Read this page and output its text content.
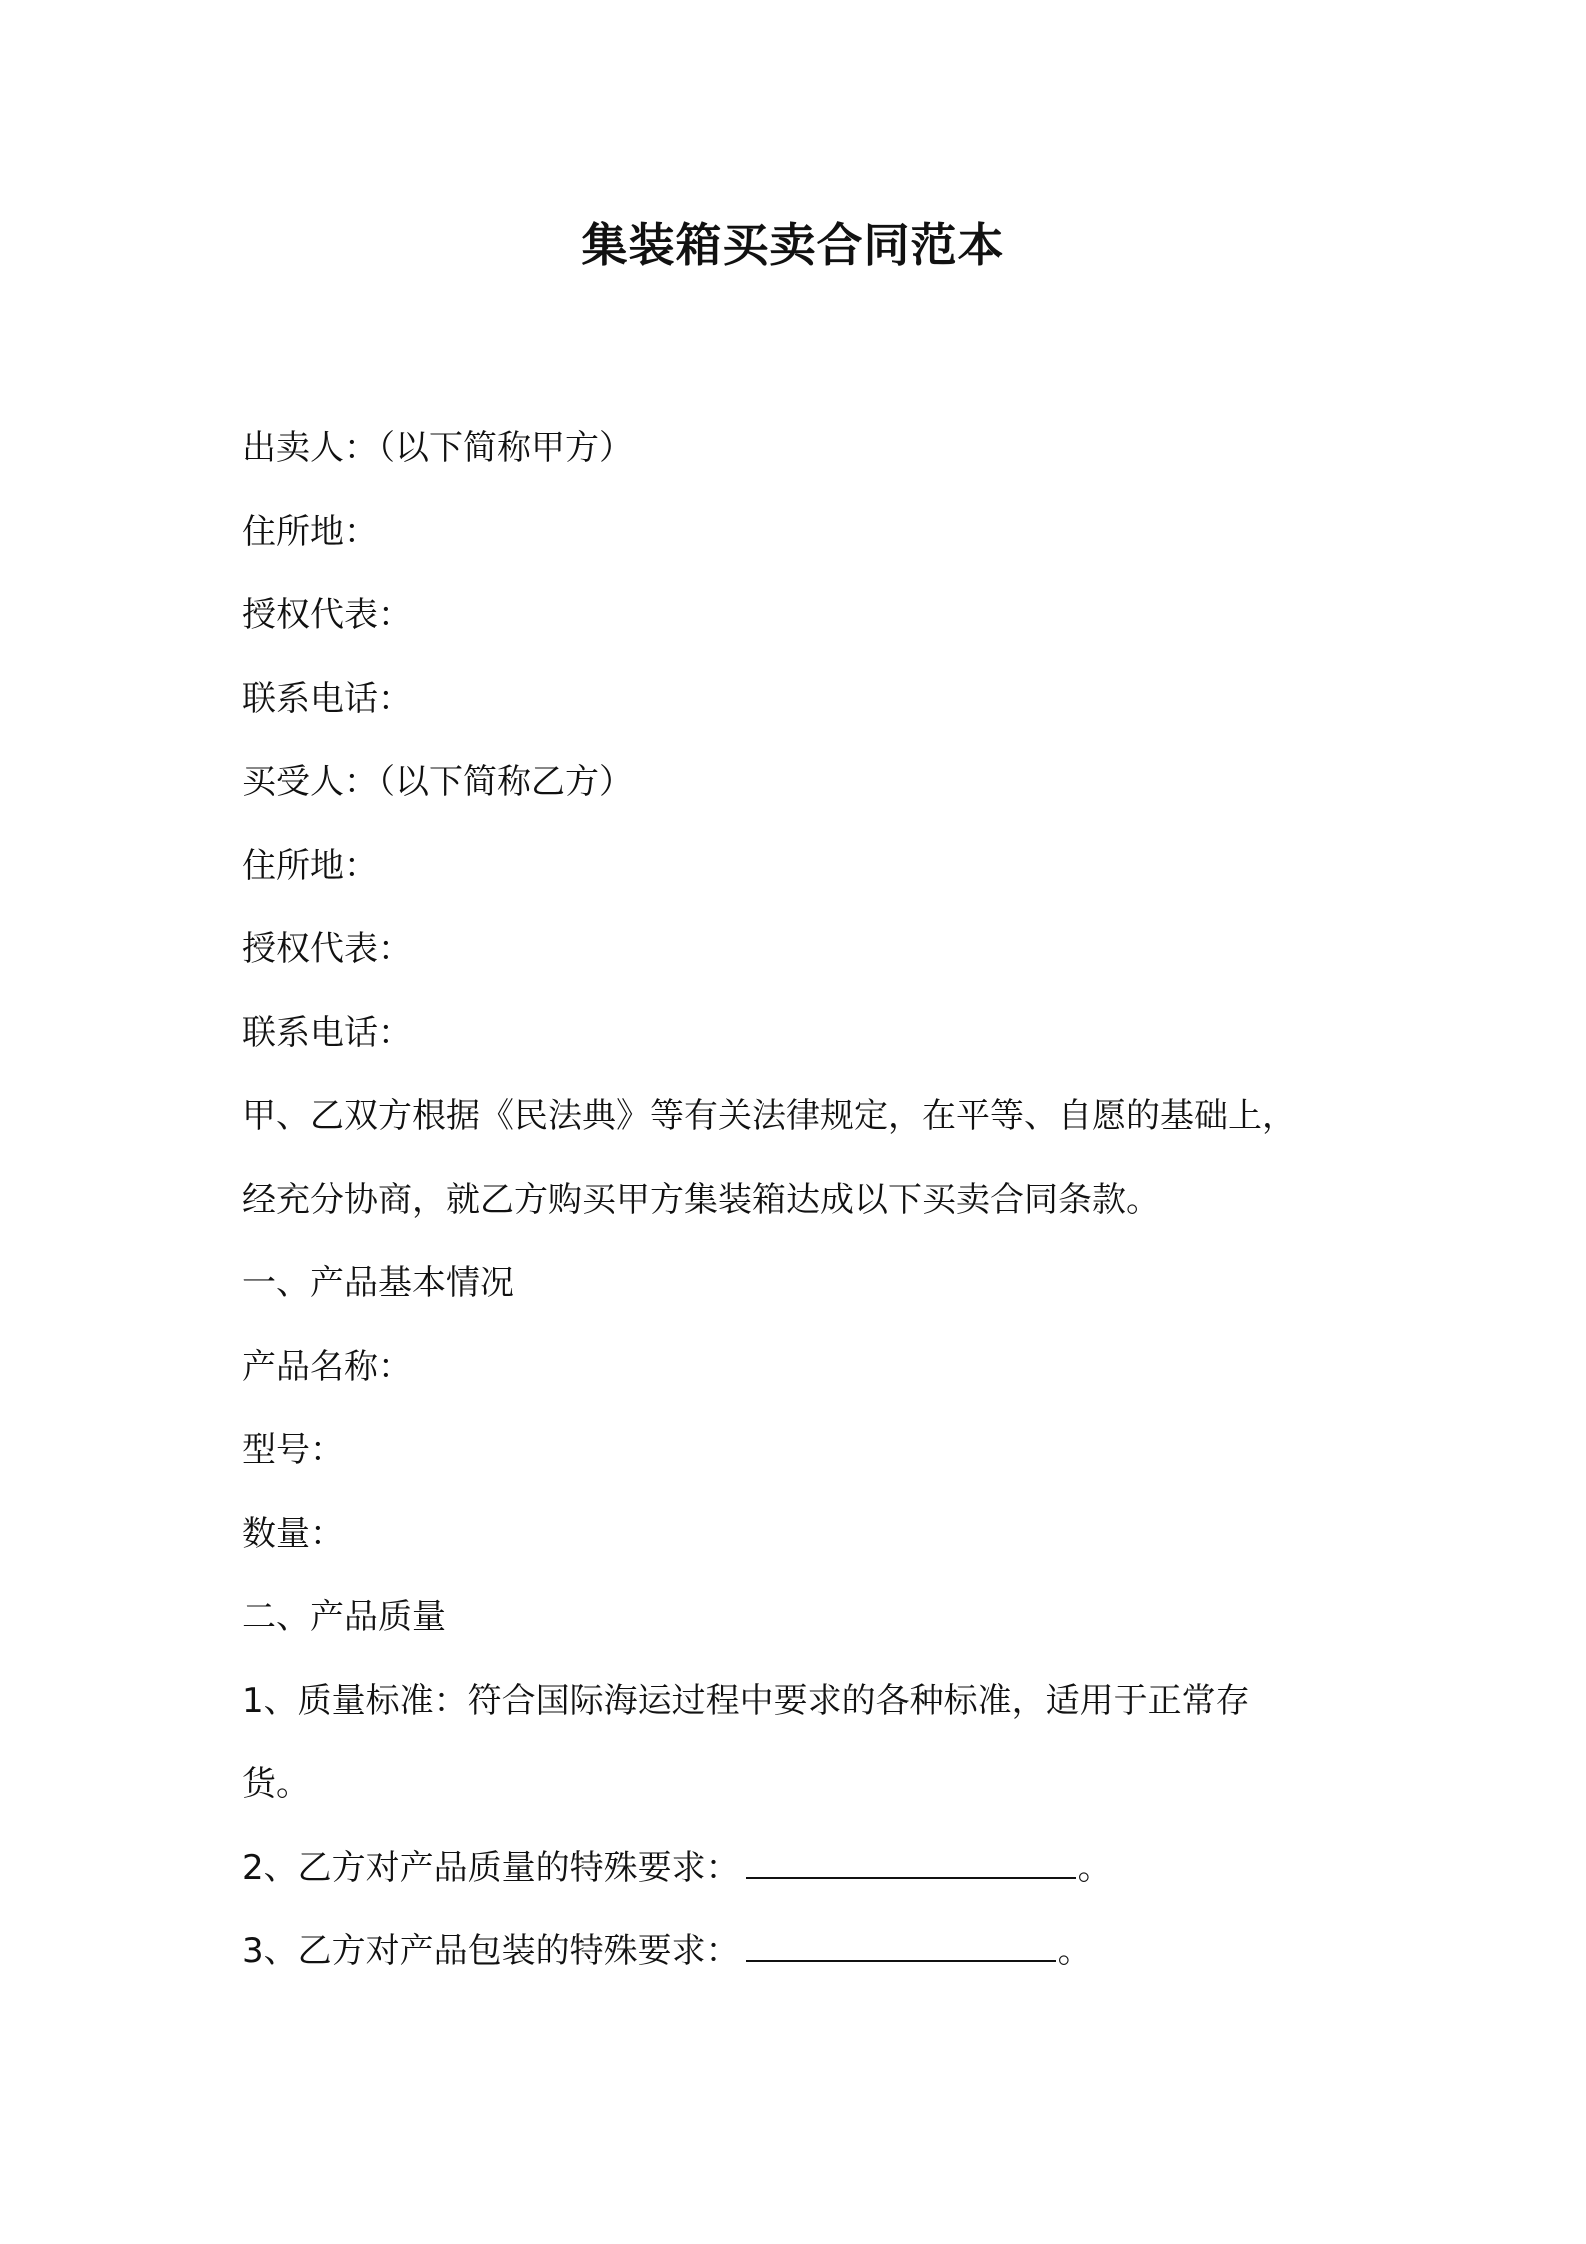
集装箱买卖合同范本
出卖人：（以下简称甲方）
住所地：
授权代表：
联系电话：
买受人：（以下简称乙方）
住所地：
授权代表：
联系电话：
甲、乙双方根据《民法典》等有关法律规定，在平等、自愿的基础上，
经充分协商，就乙方购买甲方集装箱达成以下买卖合同条款。
一、产品基本情况
产品名称：
型号：
数量：
二、产品质量
1、质量标准：符合国际海运过程中要求的各种标准，适用于正常存
货。
2、乙方对产品质量的特殊要求：	。
3、乙方对产品包装的特殊要求：	。
